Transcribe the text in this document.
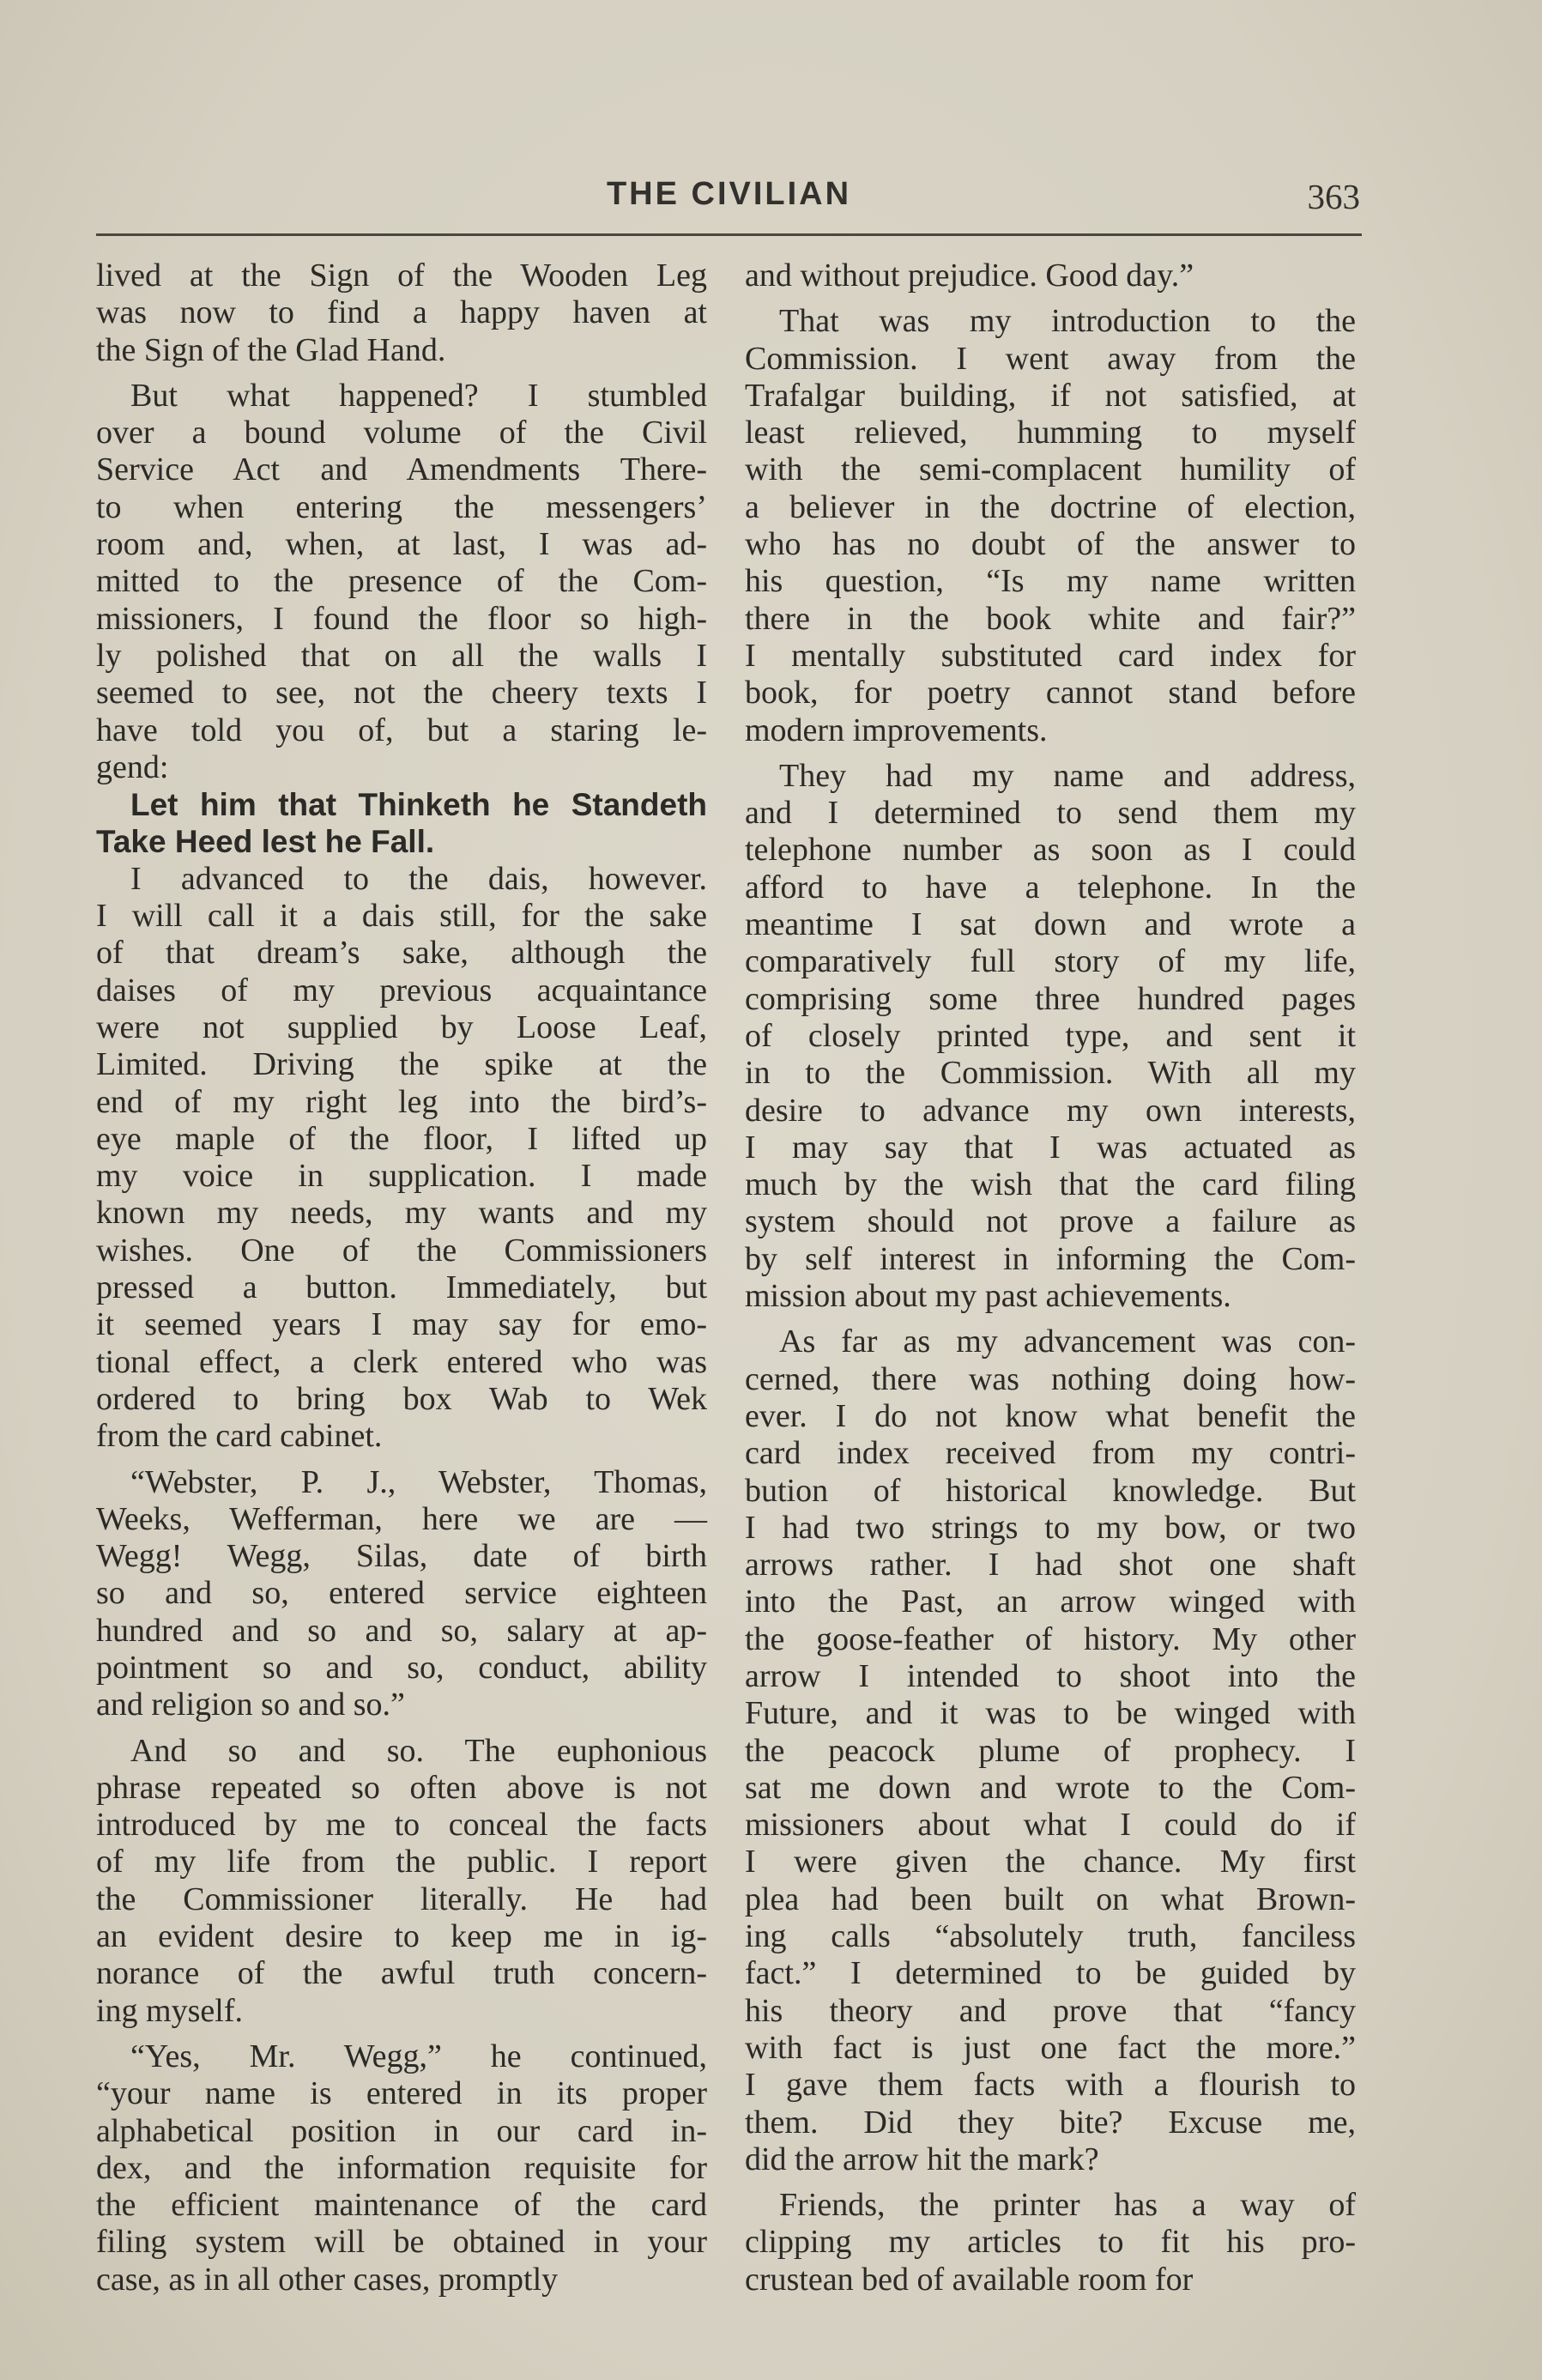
THE CIVILIAN	363
lived at the Sign of the Wooden Leg
was now to find a happy haven at
the Sign of the Glad Hand.
But what happened? I stumbled
over a bound volume of the Civil
Service Act and Amendments There-
to when entering the messengers’
room and, when, at last, I was ad-
mitted to the presence of the Com-
missioners, I found the floor so high-
ly polished that on all the walls I
seemed to see, not the cheery texts I
have told you of, but a staring le-
gend:
Let him that Thinketh he Standeth
Take Heed lest he Fall.
I advanced to the dais, however.
I will call it a dais still, for the sake
of that dream’s sake, although the
daises of my previous acquaintance
were not supplied by Loose Leaf,
Limited. Driving the spike at the
end of my right leg into the bird’s-
eye maple of the floor, I lifted up
my voice in supplication. I made
known my needs, my wants and my
wishes. One of the Commissioners
pressed a button. Immediately, but
it seemed years I may say for emo-
tional effect, a clerk entered who was
ordered to bring box Wab to Wek
from the card cabinet.
“Webster, P. J., Webster, Thomas,
Weeks, Wefferman, here we are —
Wegg! Wegg, Silas, date of birth
so and so, entered service eighteen
hundred and so and so, salary at ap-
pointment so and so, conduct, ability
and religion so and so.”
And so and so. The euphonious
phrase repeated so often above is not
introduced by me to conceal the facts
of my life from the public. I report
the Commissioner literally. He had
an evident desire to keep me in ig-
norance of the awful truth concern-
ing myself.
“Yes, Mr. Wegg,” he continued,
“your name is entered in its proper
alphabetical position in our card in-
dex, and the information requisite for
the efficient maintenance of the card
filing system will be obtained in your
case, as in all other cases, promptly
and without prejudice. Good day.”
That was my introduction to the
Commission. I went away from the
Trafalgar building, if not satisfied, at
least relieved, humming to myself
with the semi-complacent humility of
a believer in the doctrine of election,
who has no doubt of the answer to
his question, “Is my name written
there in the book white and fair?”
I mentally substituted card index for
book, for poetry cannot stand before
modern improvements.
They had my name and address,
and I determined to send them my
telephone number as soon as I could
afford to have a telephone. In the
meantime I sat down and wrote a
comparatively full story of my life,
comprising some three hundred pages
of closely printed type, and sent it
in to the Commission. With all my
desire to advance my own interests,
I may say that I was actuated as
much by the wish that the card filing
system should not prove a failure as
by self interest in informing the Com-
mission about my past achievements.
As far as my advancement was con-
cerned, there was nothing doing how-
ever. I do not know what benefit the
card index received from my contri-
bution of historical knowledge. But
I had two strings to my bow, or two
arrows rather. I had shot one shaft
into the Past, an arrow winged with
the goose-feather of history. My other
arrow I intended to shoot into the
Future, and it was to be winged with
the peacock plume of prophecy. I
sat me down and wrote to the Com-
missioners about what I could do if
I were given the chance. My first
plea had been built on what Brown-
ing calls “absolutely truth, fanciless
fact.” I determined to be guided by
his theory and prove that “fancy
with fact is just one fact the more.”
I gave them facts with a flourish to
them. Did they bite? Excuse me,
did the arrow hit the mark?
Friends, the printer has a way of
clipping my articles to fit his pro-
crustean bed of available room for
